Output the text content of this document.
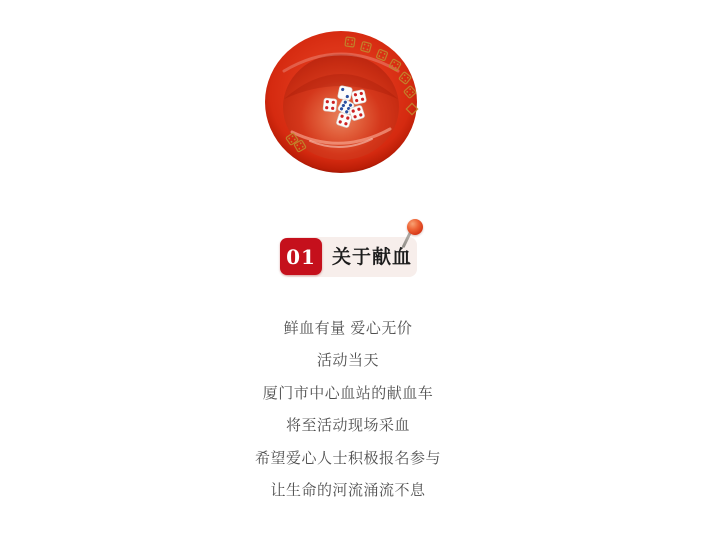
关于献血
01

鲜血有量 爱心无价

活动当天

厦门市中心血站的献血车

将至活动现场采血

希望爱心人士积极报名参与

让生命的河流涌流不息
